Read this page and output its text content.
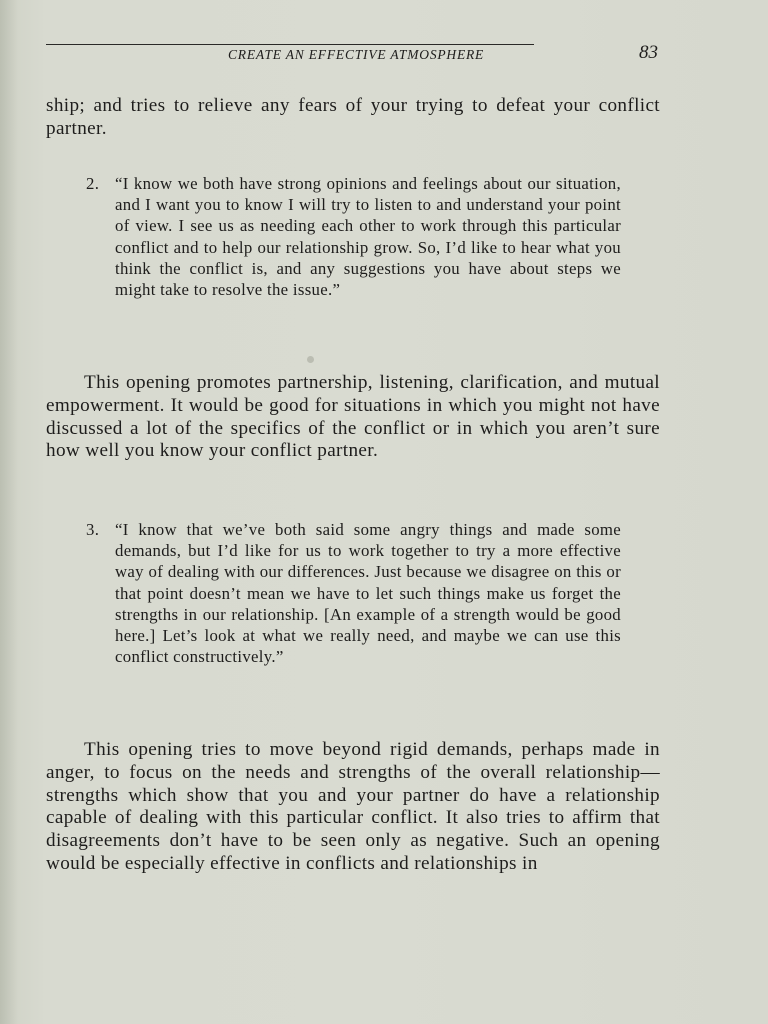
CREATE AN EFFECTIVE ATMOSPHERE	83

ship; and tries to relieve any fears of your trying to defeat your conflict partner.

2. “I know we both have strong opinions and feelings about our situation, and I want you to know I will try to listen to and understand your point of view. I see us as needing each other to work through this particular conflict and to help our relationship grow. So, I’d like to hear what you think the conflict is, and any suggestions you have about steps we might take to resolve the issue.”

This opening promotes partnership, listening, clarification, and mutual empowerment. It would be good for situations in which you might not have discussed a lot of the specifics of the conflict or in which you aren’t sure how well you know your conflict partner.

3. “I know that we’ve both said some angry things and made some demands, but I’d like for us to work together to try a more effective way of dealing with our differences. Just because we disagree on this or that point doesn’t mean we have to let such things make us forget the strengths in our relationship. [An example of a strength would be good here.] Let’s look at what we really need, and maybe we can use this conflict constructively.”

This opening tries to move beyond rigid demands, perhaps made in anger, to focus on the needs and strengths of the overall relationship—strengths which show that you and your partner do have a relationship capable of dealing with this particular conflict. It also tries to affirm that disagreements don’t have to be seen only as negative. Such an opening would be especially effective in conflicts and relationships in
